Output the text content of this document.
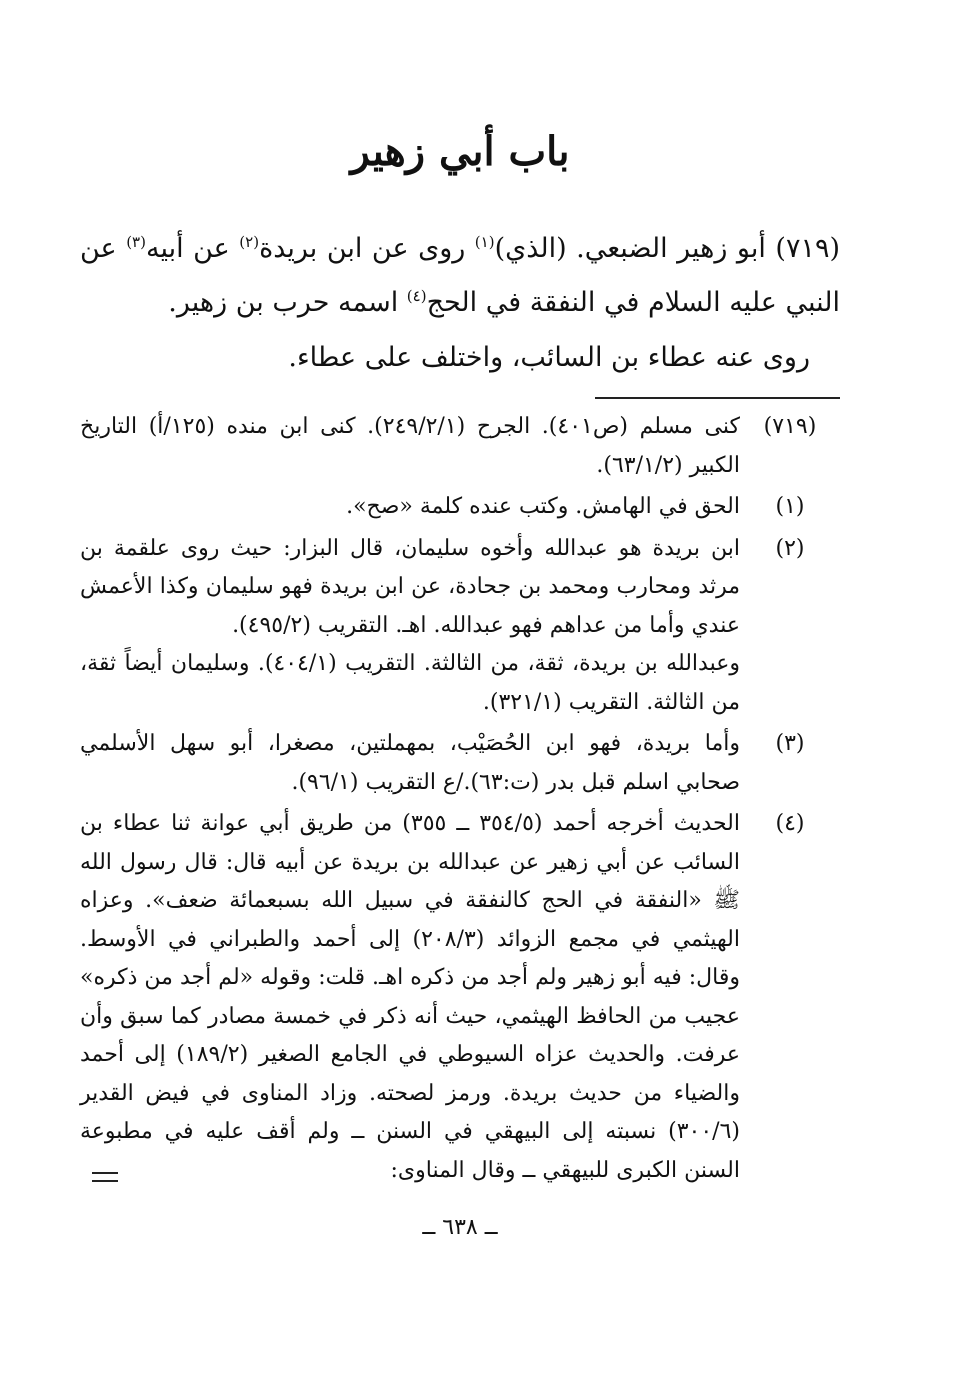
باب أبي زهير

(٧١٩) أبو زهير الضبعي. (الذي)$^{(١)}$ روى عن ابن بريدة$^{(٢)}$ عن أبيه$^{(٣)}$ عن النبي عليه السلام في النفقة في الحج$^{(٤)}$ اسمه حرب بن زهير.

روى عنه عطاء بن السائب، واختلف على عطاء.
(٧١٩)

كنى مسلم (ص٤٠١). الجرح (٢٤٩/٢/١). كنى ابن منده (١٢٥/أ) التاريخ الكبير (٦٣/١/٢).

(١)

الحق في الهامش. وكتب عنده كلمة «صح».

(٢)

ابن بريدة هو عبدالله وأخوه سليمان، قال البزار: حيث روى علقمة بن مرثد ومحارب ومحمد بن جحادة، عن ابن بريدة فهو سليمان وكذا الأعمش عندي وأما من عداهم فهو عبدالله. اهـ. التقريب (٤٩٥/٢).

وعبدالله بن بريدة، ثقة، من الثالثة. التقريب (٤٠٤/١). وسليمان أيضاً ثقة، من الثالثة. التقريب (٣٢١/١).

(٣)

وأما بريدة، فهو ابن الحُصَيْب، بمهملتين، مصغرا، أبو سهل الأسلمي صحابي اسلم قبل بدر (ت:٦٣)./ع التقريب (٩٦/١).

(٤)

الحديث أخرجه أحمد (٣٥٤/٥ ــ ٣٥٥) من طريق أبي عوانة ثنا عطاء بن السائب عن أبي زهير عن عبدالله بن بريدة عن أبيه قال: قال رسول الله ﷺ «النفقة في الحج كالنفقة في سبيل الله بسبعمائة ضعف». وعزاه الهيثمي في مجمع الزوائد (٢٠٨/٣) إلى أحمد والطبراني في الأوسط. وقال: فيه أبو زهير ولم أجد من ذكره اهـ. قلت: وقوله «لم أجد من ذكره» عجيب من الحافظ الهيثمي، حيث أنه ذكر في خمسة مصادر كما سبق وأن عرفت. والحديث عزاه السيوطي في الجامع الصغير (١٨٩/٢) إلى أحمد والضياء من حديث بريدة. ورمز لصحته. وزاد المناوى في فيض القدير (٣٠٠/٦) نسبته إلى البيهقي في السنن ــ ولم أقف عليه في مطبوعة السنن الكبرى للبيهقي ــ وقال المناوى:

ــ ٦٣٨ ــ
